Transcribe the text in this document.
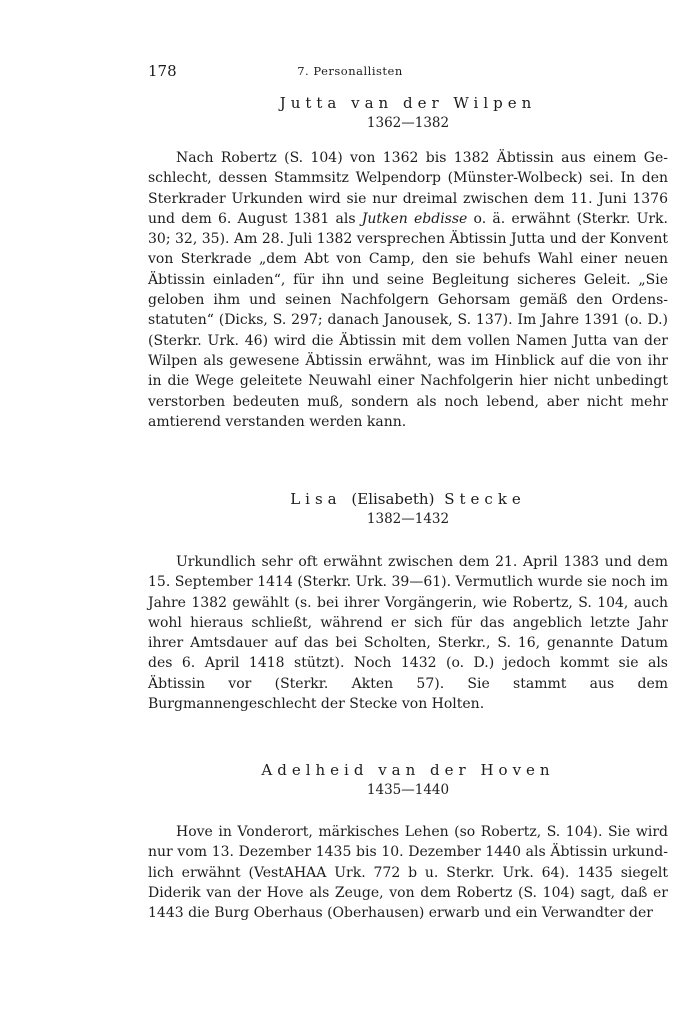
178	7. Personallisten
Jutta van der Wilpen
1362—1382

Nach Robertz (S. 104) von 1362 bis 1382 Äbtissin aus einem Geschlecht, dessen Stammsitz Welpendorp (Münster-Wolbeck) sei. In den Sterkrader Urkunden wird sie nur dreimal zwischen dem 11. Juni 1376 und dem 6. August 1381 als Jutken ebdisse o. ä. erwähnt (Sterkr. Urk. 30; 32, 35). Am 28. Juli 1382 versprechen Äbtissin Jutta und der Konvent von Sterkrade „dem Abt von Camp, den sie behufs Wahl einer neuen Äbtissin einladen“, für ihn und seine Begleitung sicheres Geleit. „Sie geloben ihm und seinen Nachfolgern Gehorsam gemäß den Ordensstatuten“ (Dicks, S. 297; danach Janousek, S. 137). Im Jahre 1391 (o. D.) (Sterkr. Urk. 46) wird die Äbtissin mit dem vollen Namen Jutta van der Wilpen als gewesene Äbtissin erwähnt, was im Hinblick auf die von ihr in die Wege geleitete Neuwahl einer Nachfolgerin hier nicht unbedingt verstorben bedeuten muß, sondern als noch lebend, aber nicht mehr amtierend verstanden werden kann.

Lisa (Elisabeth) Stecke
1382—1432

Urkundlich sehr oft erwähnt zwischen dem 21. April 1383 und dem 15. September 1414 (Sterkr. Urk. 39—61). Vermutlich wurde sie noch im Jahre 1382 gewählt (s. bei ihrer Vorgängerin, wie Robertz, S. 104, auch wohl hieraus schließt, während er sich für das angeblich letzte Jahr ihrer Amtsdauer auf das bei Scholten, Sterkr., S. 16, genannte Datum des 6. April 1418 stützt). Noch 1432 (o. D.) jedoch kommt sie als Äbtissin vor (Sterkr. Akten 57). Sie stammt aus dem Burgmannengeschlecht der Stecke von Holten.

Adelheid van der Hoven
1435—1440

Hove in Vonderort, märkisches Lehen (so Robertz, S. 104). Sie wird nur vom 13. Dezember 1435 bis 10. Dezember 1440 als Äbtissin urkundlich erwähnt (VestAHAA Urk. 772 b u. Sterkr. Urk. 64). 1435 siegelt Diderik van der Hove als Zeuge, von dem Robertz (S. 104) sagt, daß er 1443 die Burg Oberhaus (Oberhausen) erwarb und ein Verwandter der
